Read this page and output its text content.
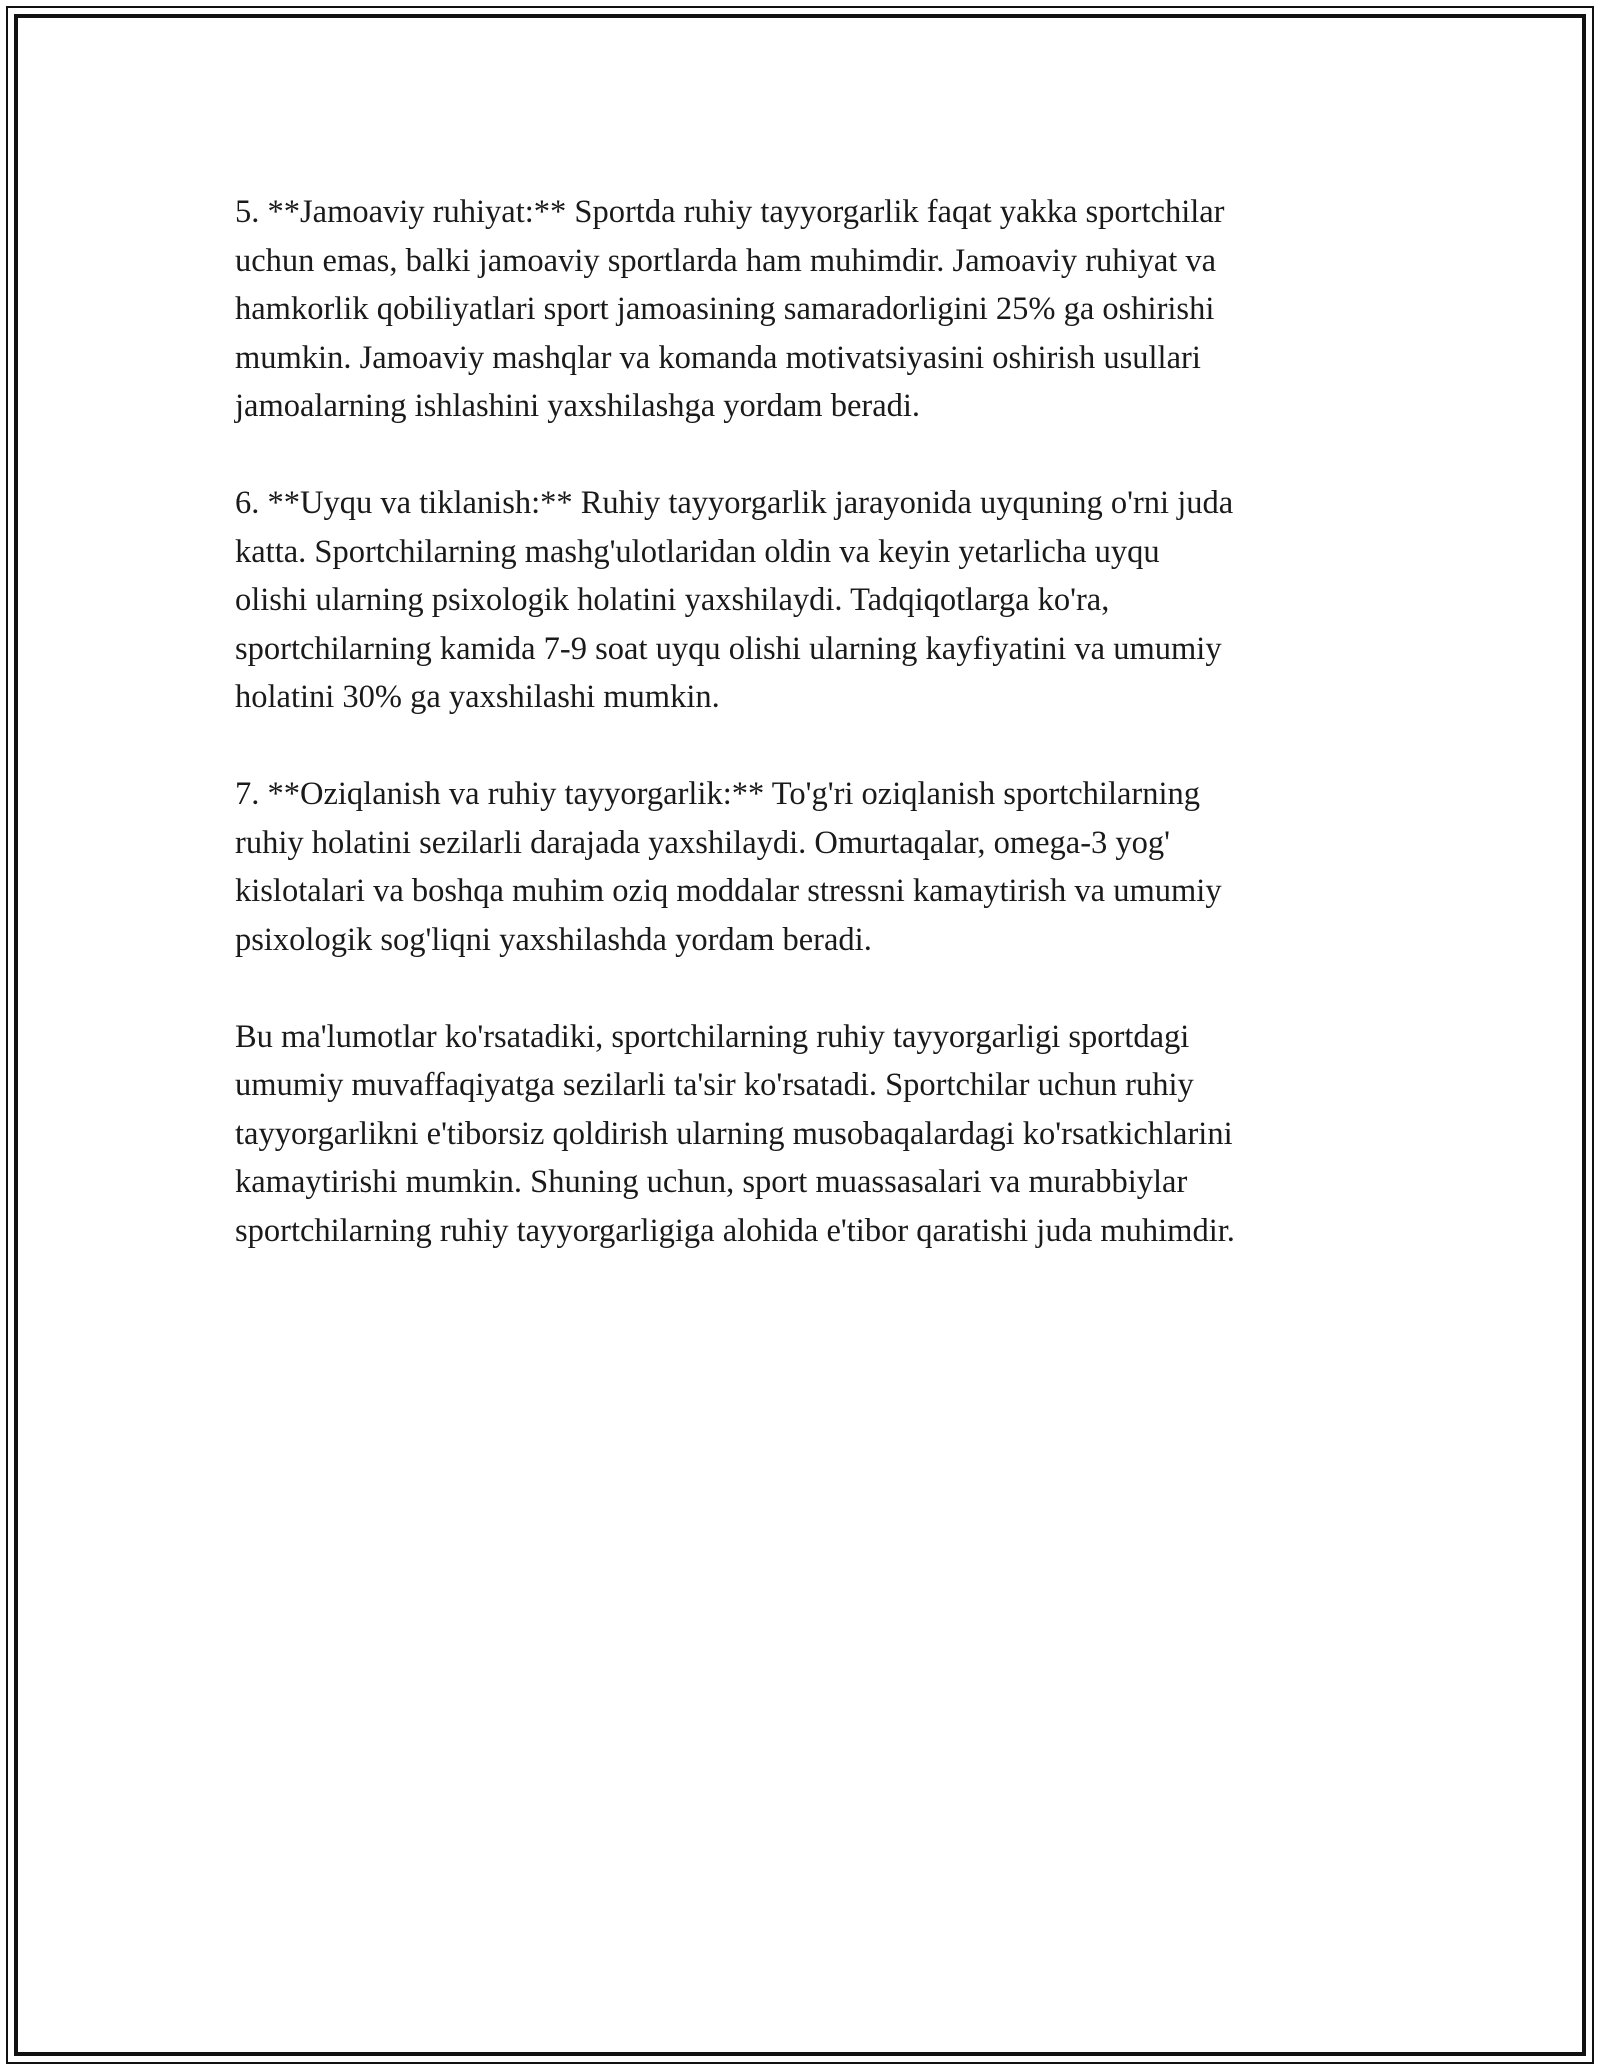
5. **Jamoaviy ruhiyat:** Sportda ruhiy tayyorgarlik faqat yakka sportchilar
uchun emas, balki jamoaviy sportlarda ham muhimdir. Jamoaviy ruhiyat va
hamkorlik qobiliyatlari sport jamoasining samaradorligini 25% ga oshirishi
mumkin. Jamoaviy mashqlar va komanda motivatsiyasini oshirish usullari
jamoalarning ishlashini yaxshilashga yordam beradi.

6. **Uyqu va tiklanish:** Ruhiy tayyorgarlik jarayonida uyquning o'rni juda
katta. Sportchilarning mashg'ulotlaridan oldin va keyin yetarlicha uyqu
olishi ularning psixologik holatini yaxshilaydi. Tadqiqotlarga ko'ra,
sportchilarning kamida 7-9 soat uyqu olishi ularning kayfiyatini va umumiy
holatini 30% ga yaxshilashi mumkin.

7. **Oziqlanish va ruhiy tayyorgarlik:** To'g'ri oziqlanish sportchilarning
ruhiy holatini sezilarli darajada yaxshilaydi. Omurtaqalar, omega-3 yog'
kislotalari va boshqa muhim oziq moddalar stressni kamaytirish va umumiy
psixologik sog'liqni yaxshilashda yordam beradi.

Bu ma'lumotlar ko'rsatadiki, sportchilarning ruhiy tayyorgarligi sportdagi
umumiy muvaffaqiyatga sezilarli ta'sir ko'rsatadi. Sportchilar uchun ruhiy
tayyorgarlikni e'tiborsiz qoldirish ularning musobaqalardagi ko'rsatkichlarini
kamaytirishi mumkin. Shuning uchun, sport muassasalari va murabbiylar
sportchilarning ruhiy tayyorgarligiga alohida e'tibor qaratishi juda muhimdir.
